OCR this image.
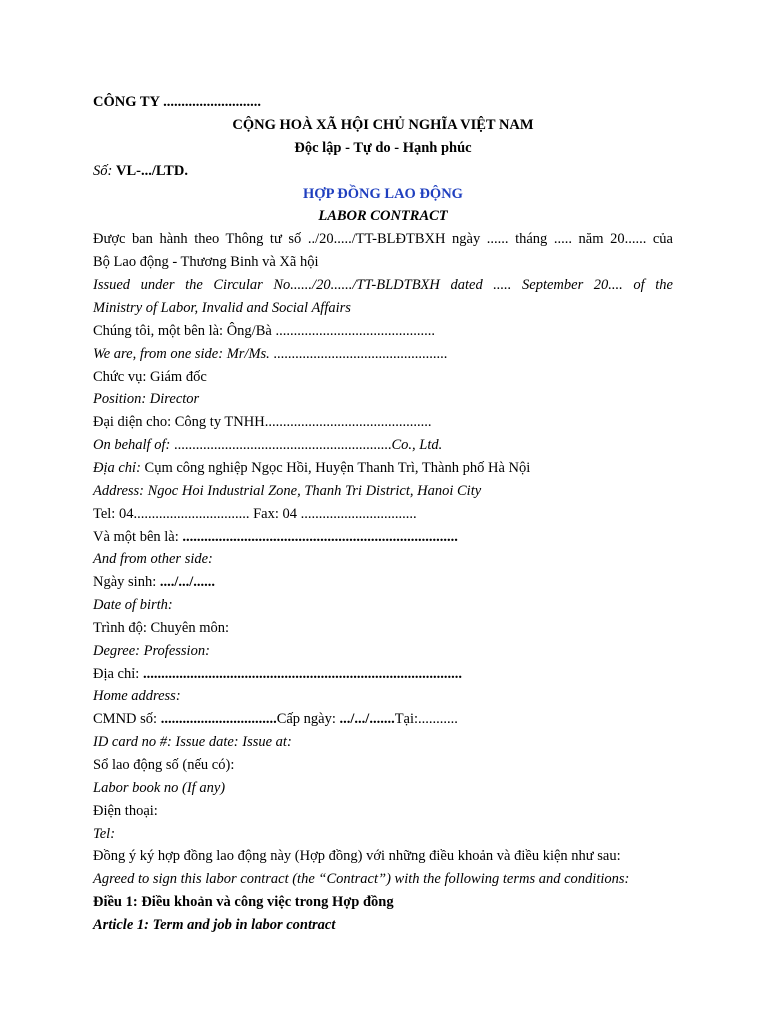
CÔNG TY ...........................
CỘNG HOÀ XÃ HỘI CHỦ NGHĨA VIỆT NAM
Độc lập - Tự do - Hạnh phúc
Số: VL-.../LTD.
HỢP ĐỒNG LAO ĐỘNG
LABOR CONTRACT
Được ban hành theo Thông tư số ../20...../TT-BLĐTBXH ngày ...... tháng ..... năm 20...... của
Bộ Lao động - Thương Binh và Xã hội
Issued under the Circular No....../20....../TT-BLDTBXH dated ..... September 20.... of the
Ministry of Labor, Invalid and Social Affairs
Chúng tôi, một bên là: Ông/Bà ............................................
We are, from one side: Mr/Ms. ................................................
Chức vụ: Giám đốc
Position: Director
Đại diện cho: Công ty TNHH..............................................
On behalf of: ............................................................Co., Ltd.
Địa chỉ: Cụm công nghiệp Ngọc Hồi, Huyện Thanh Trì, Thành phố Hà Nội
Address: Ngoc Hoi Industrial Zone, Thanh Tri District, Hanoi City
Tel: 04................................ Fax: 04 ................................
Và một bên là: ............................................................................
And from other side:
Ngày sinh: ..../.../......
Date of birth:
Trình độ: Chuyên môn:
Degree: Profession:
Địa chỉ: ........................................................................................
Home address:
CMND số: ................................Cấp ngày: .../.../.......Tại:...........
ID card no #: Issue date: Issue at:
Sổ lao động số (nếu có):
Labor book no (If any)
Điện thoại:
Tel:
Đồng ý ký hợp đồng lao động này (Hợp đồng) với những điều khoản và điều kiện như sau:
Agreed to sign this labor contract (the “Contract”) with the following terms and conditions:
Điều 1: Điều khoản và công việc trong Hợp đồng
Article 1: Term and job in labor contract
